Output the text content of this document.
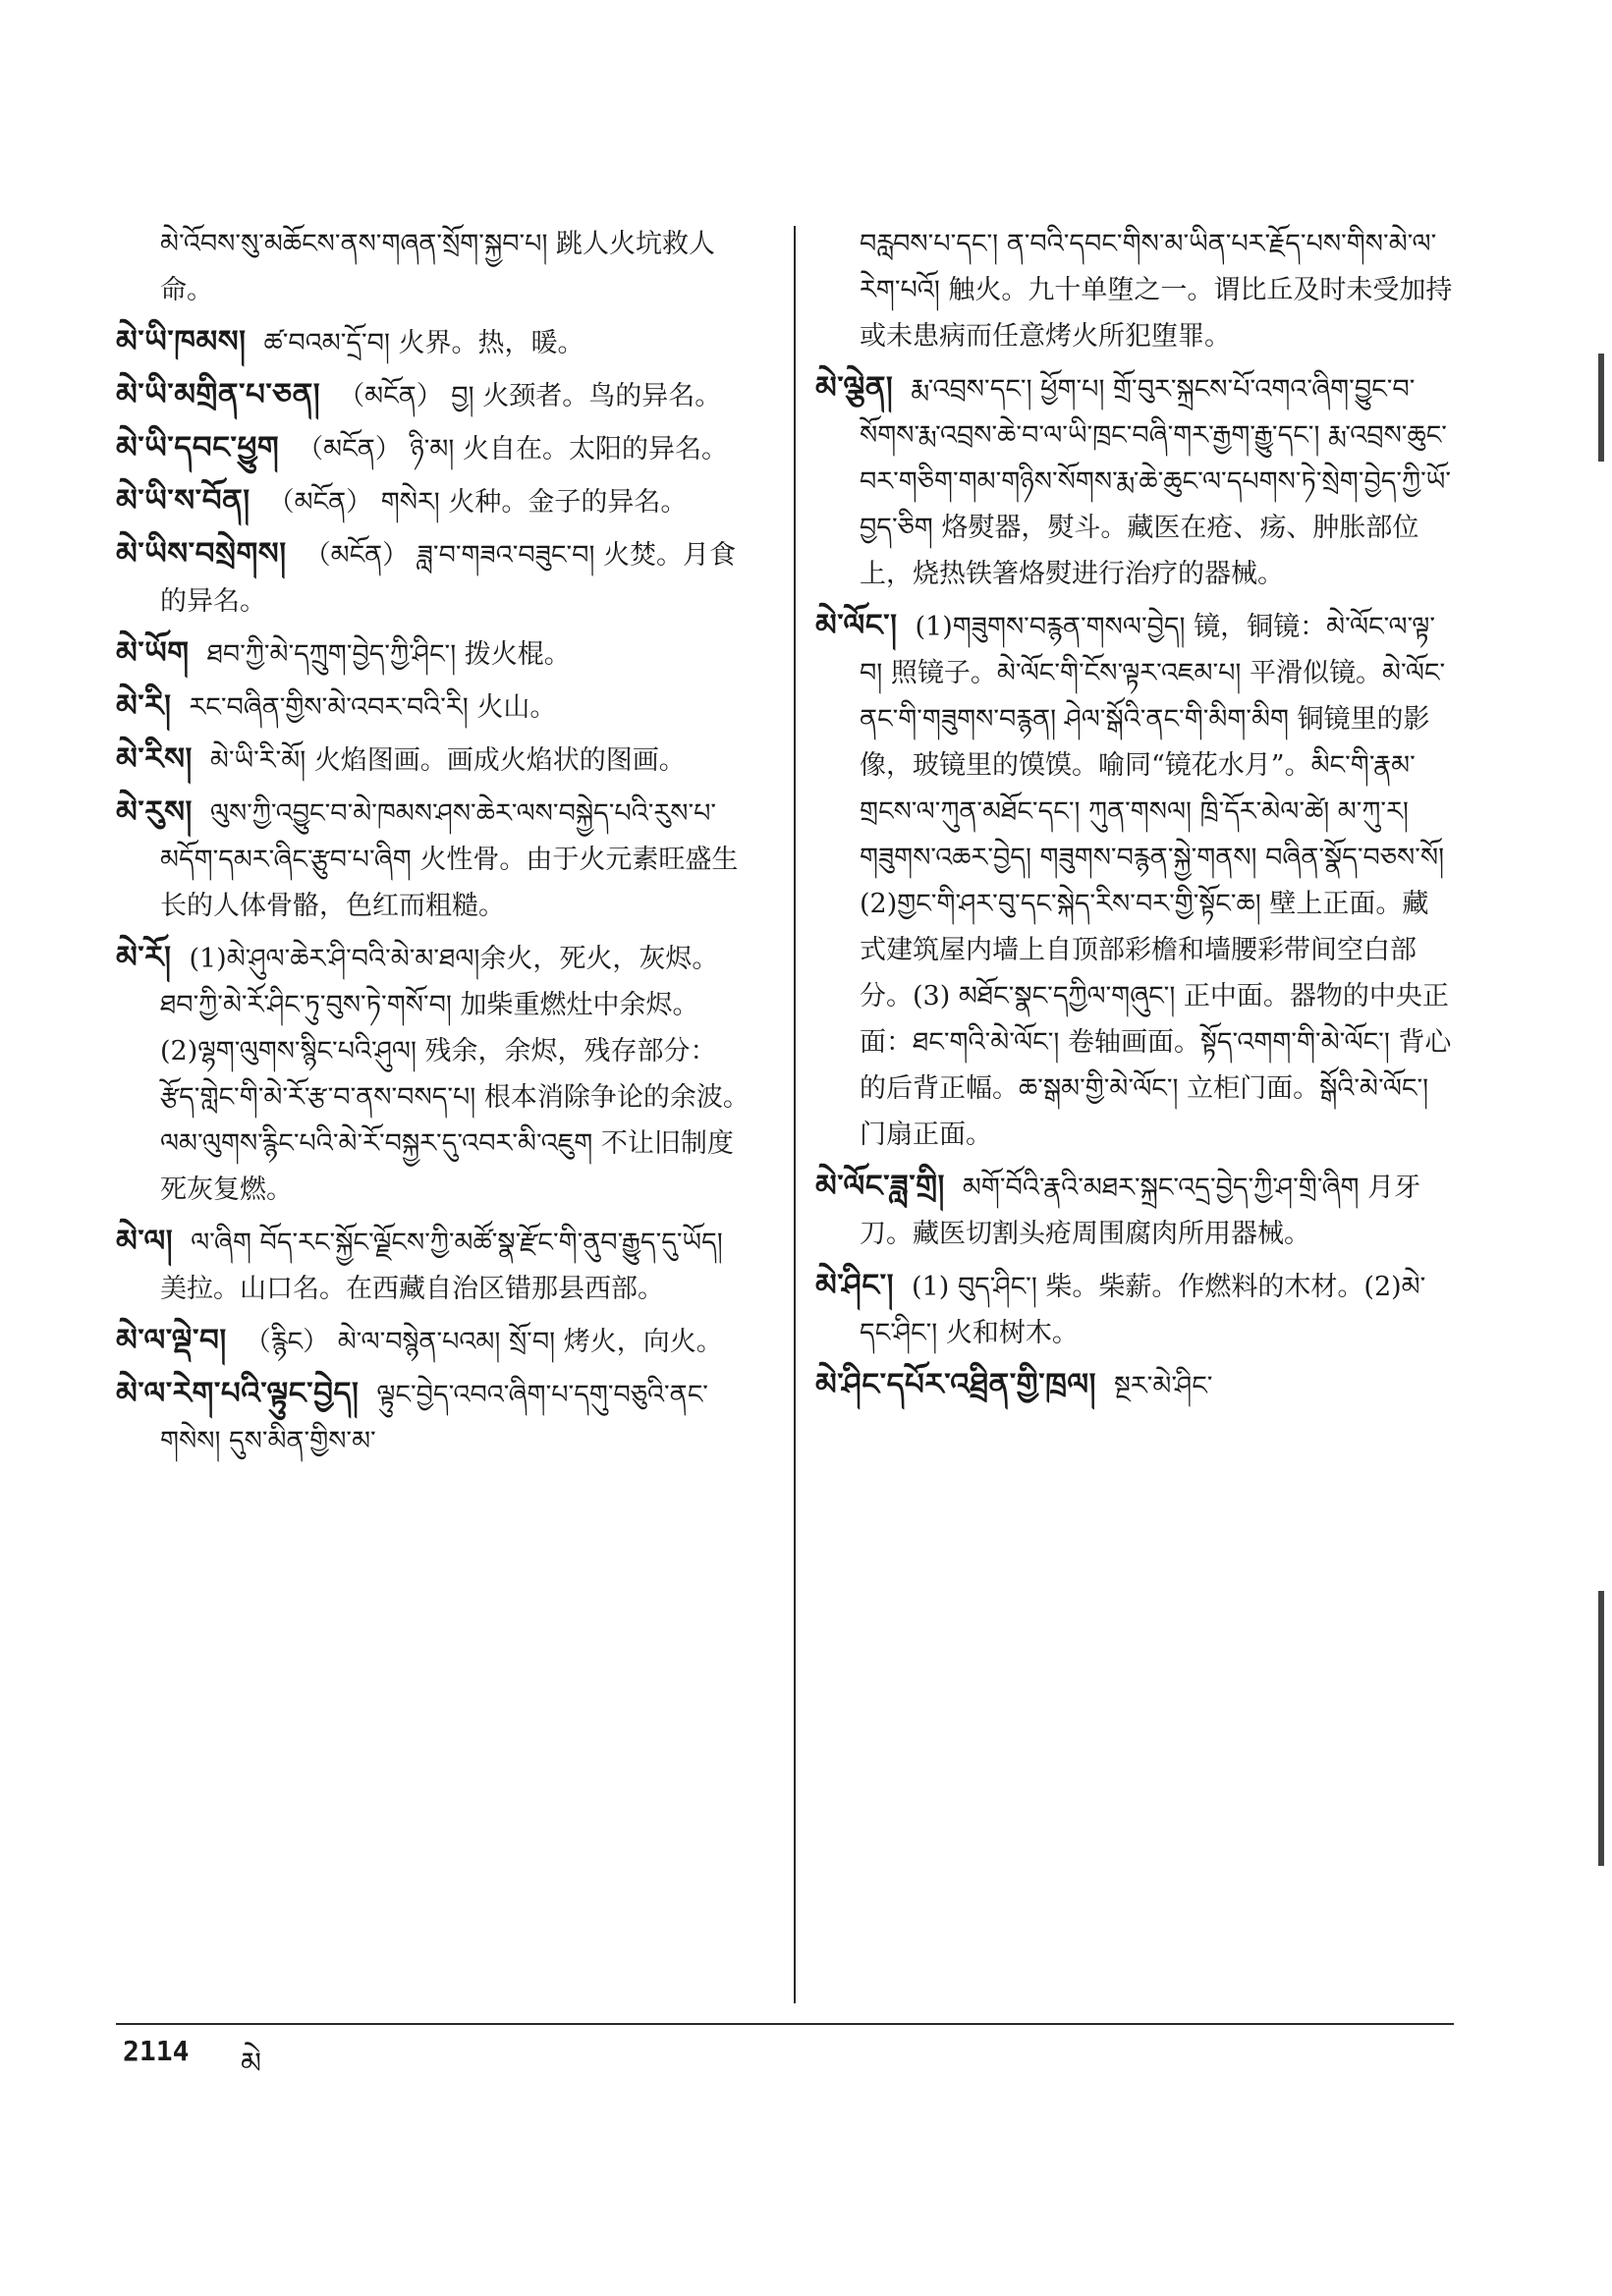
མེ་འོབས་སུ་མཆོངས་ནས་གཞན་སྲོག་སྐྱབ་པ། 跳人火坑救人命。
མེ་ཡི་ཁམས། ཚ་བའམ་དྲོ་བ། 火界。热，暖。
མེ་ཡི་མགྲིན་པ་ཅན། （མངོན） བྱ། 火颈者。鸟的异名。
མེ་ཡི་དབང་ཕྱུག （མངོན） ཉི་མ། 火自在。太阳的异名。
མེ་ཡི་ས་བོན། （མངོན） གསེར། 火种。金子的异名。
མེ་ཡིས་བསྲེགས། （མངོན） ཟླ་བ་གཟའ་བཟུང་བ། 火焚。月食的异名。
མེ་ཡོག ཐབ་ཀྱི་མེ་དཀྲུག་བྱེད་ཀྱི་ཤིང་། 拨火棍。
མེ་རི། རང་བཞིན་གྱིས་མེ་འབར་བའི་རི། 火山。
མེ་རིས། མེ་ཡི་རི་མོ། 火焰图画。画成火焰状的图画。
མེ་རུས། ལུས་ཀྱི་འབྱུང་བ་མེ་ཁམས་ཤས་ཆེར་ལས་བསྐྱེད་པའི་རུས་པ་མདོག་དམར་ཞིང་རྩུབ་པ་ཞིག 火性骨。由于火元素旺盛生长的人体骨骼，色红而粗糙。
མེ་རོ། (1)མེ་ཤུལ་ཆེར་ཤི་བའི་མེ་མ་ཐལ།余火，死火，灰烬。ཐབ་ཀྱི་མེ་རོ་ཤིང་ཏུ་བུས་ཏེ་གསོ་བ། 加柴重燃灶中余烬。(2)ལྷག་ལུགས་སྙིང་པའི་ཤུལ། 残余，余烬，残存部分：རྩོད་གླེང་གི་མེ་རོ་རྩ་བ་ནས་བསད་པ། 根本消除争论的余波。ལམ་ལུགས་རྙིང་པའི་མེ་རོ་བསྐྱར་དུ་འབར་མི་འཇུག 不让旧制度死灰复燃。
མེ་ལ། ལ་ཞིག བོད་རང་སྐྱོང་ལྗོངས་ཀྱི་མཚོ་སྣ་རྫོང་གི་ནུབ་རྒྱུད་དུ་ཡོད། 美拉。山口名。在西藏自治区错那县西部。
མེ་ལ་ལྡེ་བ། （རྙིང） མེ་ལ་བསྙེན་པའམ། སྲོ་བ། 烤火，向火。
མེ་ལ་རེག་པའི་ལྟུང་བྱེད། ལྟུང་བྱེད་འབའ་ཞིག་པ་དགུ་བཅུའི་ནང་གསེས། དུས་མིན་གྱིས་མ་
བརླབས་པ་དང་། ན་བའི་དབང་གིས་མ་ཡིན་པར་རྗོད་པས་གིས་མེ་ལ་རེག་པའོ། 触火。九十单堕之一。谓比丘及时未受加持或未患病而任意烤火所犯堕罪。
མེ་ལྕེན། རྨ་འབྲས་དང་། ཕྱོག་པ། གྲོ་བུར་སྐྲངས་པོ་འགའ་ཞིག་བྱུང་བ་སོགས་རྨ་འབྲས་ཆེ་བ་ལ་ཡི་ཁྲང་བཞི་གར་རྒྱག་རྒྱུ་དང་། རྨ་འབྲས་ཆུང་བར་གཅིག་གམ་གཉིས་སོགས་རྨ་ཆེ་ཆུང་ལ་དཔགས་ཏེ་སྲེག་བྱེད་ཀྱི་ཡོ་བྱད་ཅིག 烙熨器，熨斗。藏医在疮、疡、肿胀部位上，烧热铁箸烙熨进行治疗的器械。
མེ་ལོང་། (1)གཟུགས་བརྙན་གསལ་བྱེད། 镜，铜镜：མེ་ལོང་ལ་ལྟ་བ། 照镜子。མེ་ལོང་གི་ངོས་ལྟར་འཇམ་པ། 平滑似镜。མེ་ལོང་ནང་གི་གཟུགས་བརྙན། ཤེལ་སྒོའི་ནང་གི་མིག་མིག 铜镜里的影像，玻镜里的馍馍。喻同“镜花水月”。མིང་གི་རྣམ་གྲངས་ལ་ཀུན་མཐོང་དང་། ཀུན་གསལ། ཁྲི་དོར་མེལ་ཚེ། མ་ཀུ་ར། གཟུགས་འཆར་བྱེད། གཟུགས་བརྙན་སྐྱེ་གནས། བཞིན་སྣོད་བཅས་སོ། (2)གྱང་གི་ཤར་བུ་དང་སྐེད་རིས་བར་གྱི་སྟོང་ཆ། 壁上正面。藏式建筑屋内墙上自顶部彩檐和墙腰彩带间空白部分。(3) མཐོང་སྣང་དཀྱིལ་གཞུང་། 正中面。器物的中央正面：ཐང་གའི་མེ་ལོང་། 卷轴画面。སྟོད་འགག་གི་མེ་ལོང་། 背心的后背正幅。ཆ་སྒམ་གྱི་མེ་ལོང་། 立柜门面。སྒོའི་མེ་ལོང་། 门扇正面。
མེ་ལོང་ཟླ་གྲི། མགོ་བོའི་རྣའི་མཐར་སྐྲང་འདྲ་བྱེད་ཀྱི་ཤ་གྲི་ཞིག 月牙刀。藏医切割头疮周围腐肉所用器械。
མེ་ཤིང་། (1) བུད་ཤིང་། 柴。柴薪。作燃料的木材。(2)མེ་དང་ཤིང་། 火和树木。
མེ་ཤིང་དཔོར་འཐྲིན་གྱི་ཁྲལ། སྔར་མེ་ཤིང་
2114 མེ
